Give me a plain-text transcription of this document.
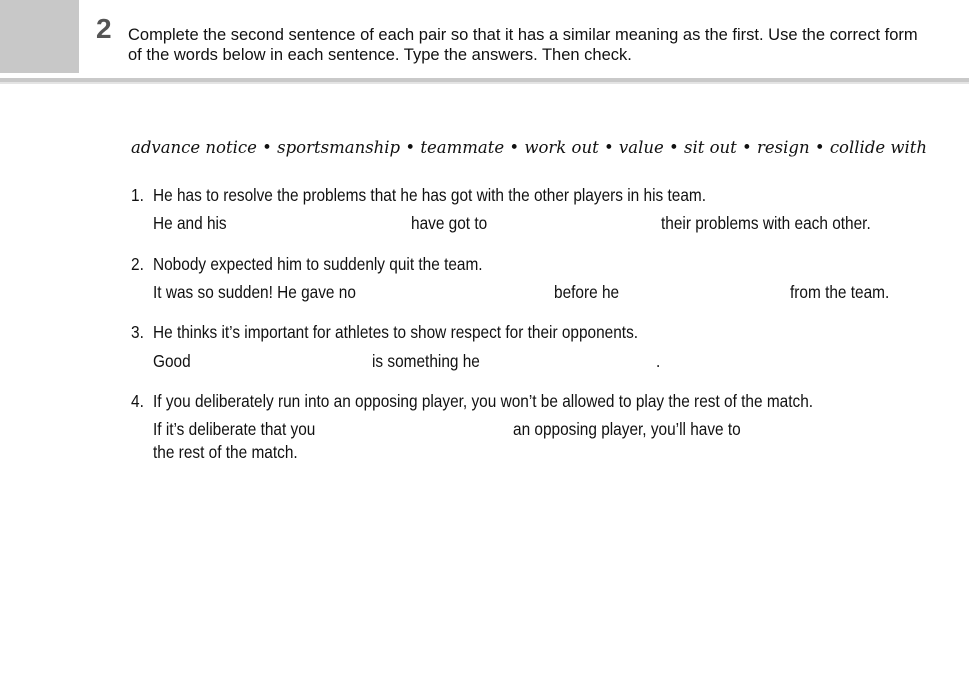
2 Complete the second sentence of each pair so that it has a similar meaning as the first. Use the correct form of the words below in each sentence. Type the answers. Then check.
advance notice • sportsmanship • teammate • work out • value • sit out • resign • collide with
1. He has to resolve the problems that he has got with the other players in his team.
He and his	have got to	their problems with each other.
2. Nobody expected him to suddenly quit the team.
It was so sudden! He gave no	before he	from the team.
3. He thinks it’s important for athletes to show respect for their opponents.
Good	is something he	.
4. If you deliberately run into an opposing player, you won’t be allowed to play the rest of the match.
If it’s deliberate that you	an opposing player, you’ll have to
the rest of the match.
